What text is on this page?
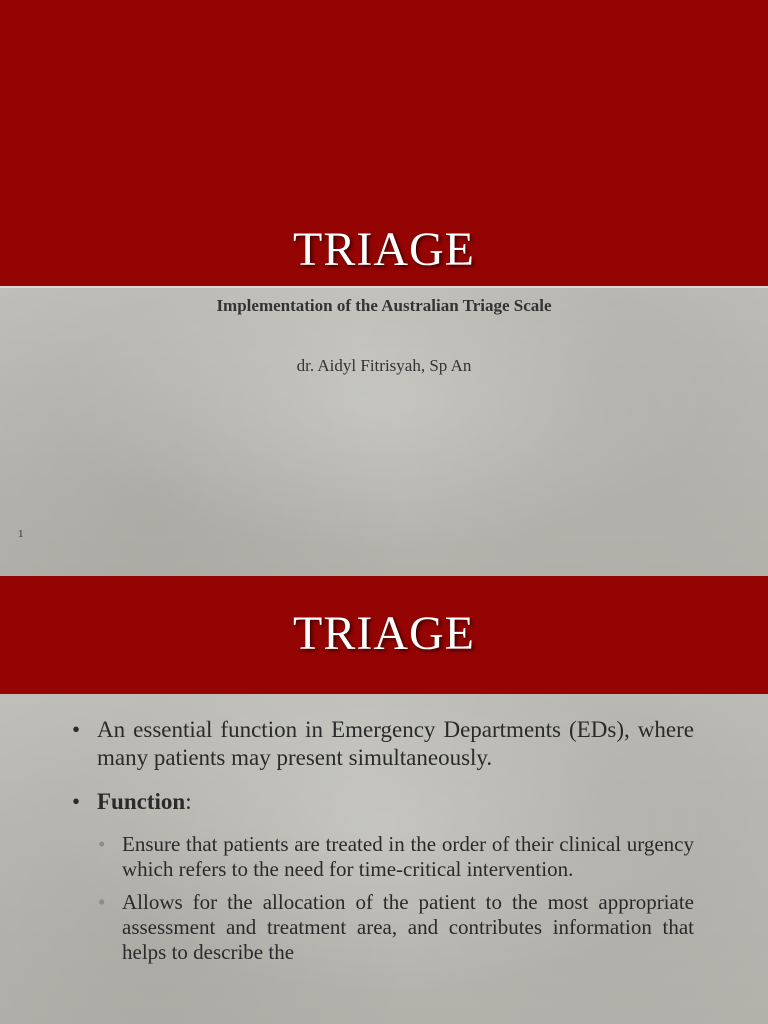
TRIAGE
Implementation of the Australian Triage Scale
dr. Aidyl Fitrisyah, Sp An
1
TRIAGE
• An essential function in Emergency Departments (EDs), where many patients may present simultaneously.
• Function:
• Ensure that patients are treated in the order of their clinical urgency which refers to the need for time-critical intervention.
• Allows for the allocation of the patient to the most appropriate assessment and treatment area, and contributes information that helps to describe the
